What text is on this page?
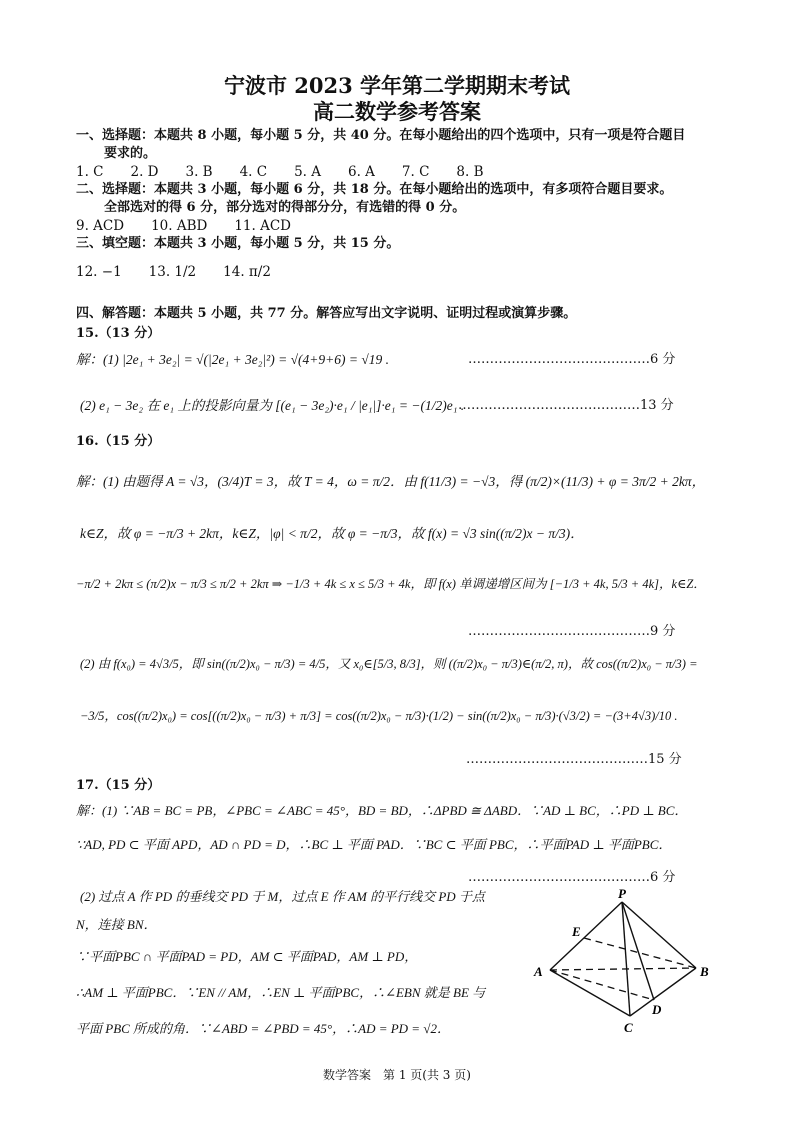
宁波市 2023 学年第二学期期末考试
高二数学参考答案
一、选择题：本题共 8 小题，每小题 5 分，共 40 分。在每小题给出的四个选项中，只有一项是符合题目
要求的。
1. C　　2. D　　3. B　　4. C　　5. A　　6. A　　7. C　　8. B
二、选择题：本题共 3 小题，每小题 6 分，共 18 分。在每小题给出的选项中，有多项符合题目要求。
全部选对的得 6 分，部分选对的得部分分，有选错的得 0 分。
9. ACD　　10. ABD　　11. ACD
三、填空题：本题共 3 小题，每小题 5 分，共 15 分。
12. −1　　13. 1/2　　14. π/2
四、解答题：本题共 5 小题，共 77 分。解答应写出文字说明、证明过程或演算步骤。
15.（13 分）
解：(1) |2e₁ + 3e₂| = √(|2e₁ + 3e₂|²) = √(4+9+6) = √19 .	……………………………………6 分
(2) e₁ − 3e₂ 在 e₁ 上的投影向量为 [(e₁ − 3e₂)·e₁ / |e₁|]·e₁ = −(1/2)e₁ .
……………………………………13 分
16.（15 分）
解：(1) 由题得 A = √3，(3/4)T = 3，故 T = 4，ω = π/2．由 f(11/3) = −√3，得 (π/2)×(11/3) + φ = 3π/2 + 2kπ，
k∈Z，故 φ = −π/3 + 2kπ，k∈Z，|φ| < π/2，故 φ = −π/3，故 f(x) = √3 sin((π/2)x − π/3)．
−π/2 + 2kπ ≤ (π/2)x − π/3 ≤ π/2 + 2kπ ⇒ −1/3 + 4k ≤ x ≤ 5/3 + 4k，即 f(x) 单调递增区间为 [−1/3 + 4k, 5/3 + 4k]，k∈Z．
……………………………………9 分
(2) 由 f(x₀) = 4√3/5，即 sin((π/2)x₀ − π/3) = 4/5，又 x₀∈[5/3, 8/3]，则 ((π/2)x₀ − π/3)∈(π/2, π)，故 cos((π/2)x₀ − π/3) =
−3/5，cos((π/2)x₀) = cos[((π/2)x₀ − π/3) + π/3] = cos((π/2)x₀ − π/3)·(1/2) − sin((π/2)x₀ − π/3)·(√3/2) = −(3+4√3)/10 .
……………………………………15 分
17.（15 分）
解：(1) ∵AB = BC = PB，∠PBC = ∠ABC = 45°，BD = BD，∴ΔPBD ≅ ΔABD．∵AD ⊥ BC，∴PD ⊥ BC．
∵AD, PD ⊂ 平面 APD，AD ∩ PD = D，∴BC ⊥ 平面 PAD．∵BC ⊂ 平面 PBC，∴平面PAD ⊥ 平面PBC．
……………………………………6 分
(2) 过点 A 作 PD 的垂线交 PD 于 M，过点 E 作 AM 的平行线交 PD 于点
N，连接 BN．
∵平面PBC ∩ 平面PAD = PD，AM ⊂ 平面PAD，AM ⊥ PD，
∴AM ⊥ 平面PBC．∵EN // AM，∴EN ⊥ 平面PBC，∴∠EBN 就是 BE 与
平面 PBC 所成的角．∵∠ABD = ∠PBD = 45°，∴AD = PD = √2．
P
E
A	B
C
D
数学答案　第 1 页(共 3 页)
